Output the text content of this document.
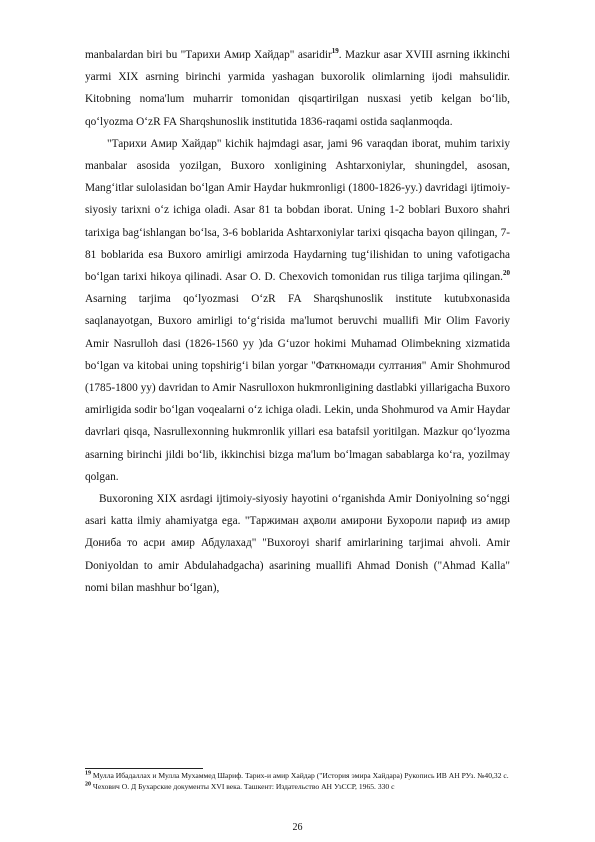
manbalardan biri bu "Тарихи Амир Хайдар" asaridir$^{19}$. Mazkur asar XVIII asrning ikkinchi yarmi XIX asrning birinchi yarmida yashagan buxorolik olimlarning ijodi mahsulidir. Kitobning noma'lum muharrir tomonidan qisqartirilgan nusxasi yetib kelgan bo‘lib, qo‘lyozma O‘zR FA Sharqshunoslik institutida 1836-raqami ostida saqlanmoqda.

"Тарихи Амир Хайдар" kichik hajmdagi asar, jami 96 varaqdan iborat, muhim tarixiy manbalar asosida yozilgan, Buxoro xonligining Ashtarxoniylar, shuningdel, asosan, Mang‘itlar sulolasidan bo‘lgan Amir Haydar hukmronligi (1800-1826-yy.) davridagi ijtimoiy-siyosiy tarixni o‘z ichiga oladi. Asar 81 ta bobdan iborat. Uning 1-2 boblari Buxoro shahri tarixiga bag‘ishlangan bo‘lsa, 3-6 boblarida Ashtarxoniylar tarixi qisqacha bayon qilingan, 7-81 boblarida esa Buxoro amirligi amirzoda Haydarning tug‘ilishidan to uning vafotigacha bo‘lgan tarixi hikoya qilinadi. Asar O. D. Chexovich tomonidan rus tiliga tarjima qilingan.$^{20}$ Asarning tarjima qo‘lyozmasi O‘zR FA Sharqshunoslik institute kutubxonasida saqlanayotgan, Buxoro amirligi to‘g‘risida ma'lumot beruvchi muallifi Mir Olim Favoriy Amir Nasrulloh dasi (1826-1560 yy )da G‘uzor hokimi Muhamad Olimbekning xizmatida bo‘lgan va kitobai uning topshirig‘i bilan yorgar "Фаткномади султания" Amir Shohmurod (1785-1800 yy) davridan to Amir Nasrulloxon hukmronligining dastlabki yillarigacha Buxoro amirligida sodir bo‘lgan voqealarni o‘z ichiga oladi. Lekin, unda Shohmurod va Amir Haydar davrlari qisqa, Nasrullexonning hukmronlik yillari esa batafsil yoritilgan. Mazkur qo‘lyozma asarning birinchi jildi bo‘lib, ikkinchisi bizga ma'lum bo‘lmagan sabablarga ko‘ra, yozilmay qolgan.

Buxoroning XIX asrdagi ijtimoiy-siyosiy hayotini o‘rganishda Amir Doniyolning so‘nggi asari katta ilmiy ahamiyatga ega. "Таржиман аҳволи амирони Бухороли париф из амир Дониба то асри амир Абдулахад" "Buxoroyi sharif amirlarining tarjimai ahvoli. Amir Doniyoldan to amir Abdulahadgacha) asarining muallifi Ahmad Donish ("Ahmad Kalla" nomi bilan mashhur bo‘lgan),

$^{19}$ Мулла Ибадаллах и Мулла Мухаммед Шариф. Тарих-и амир Хайдар ("История эмира Хайдара) Рукопись ИВ АН РУз. №40,32 с.

$^{20}$ Чехович О. Д Бухарские документы XVI века. Ташкент: Издательство АН УзССР, 1965. 330 с

26
